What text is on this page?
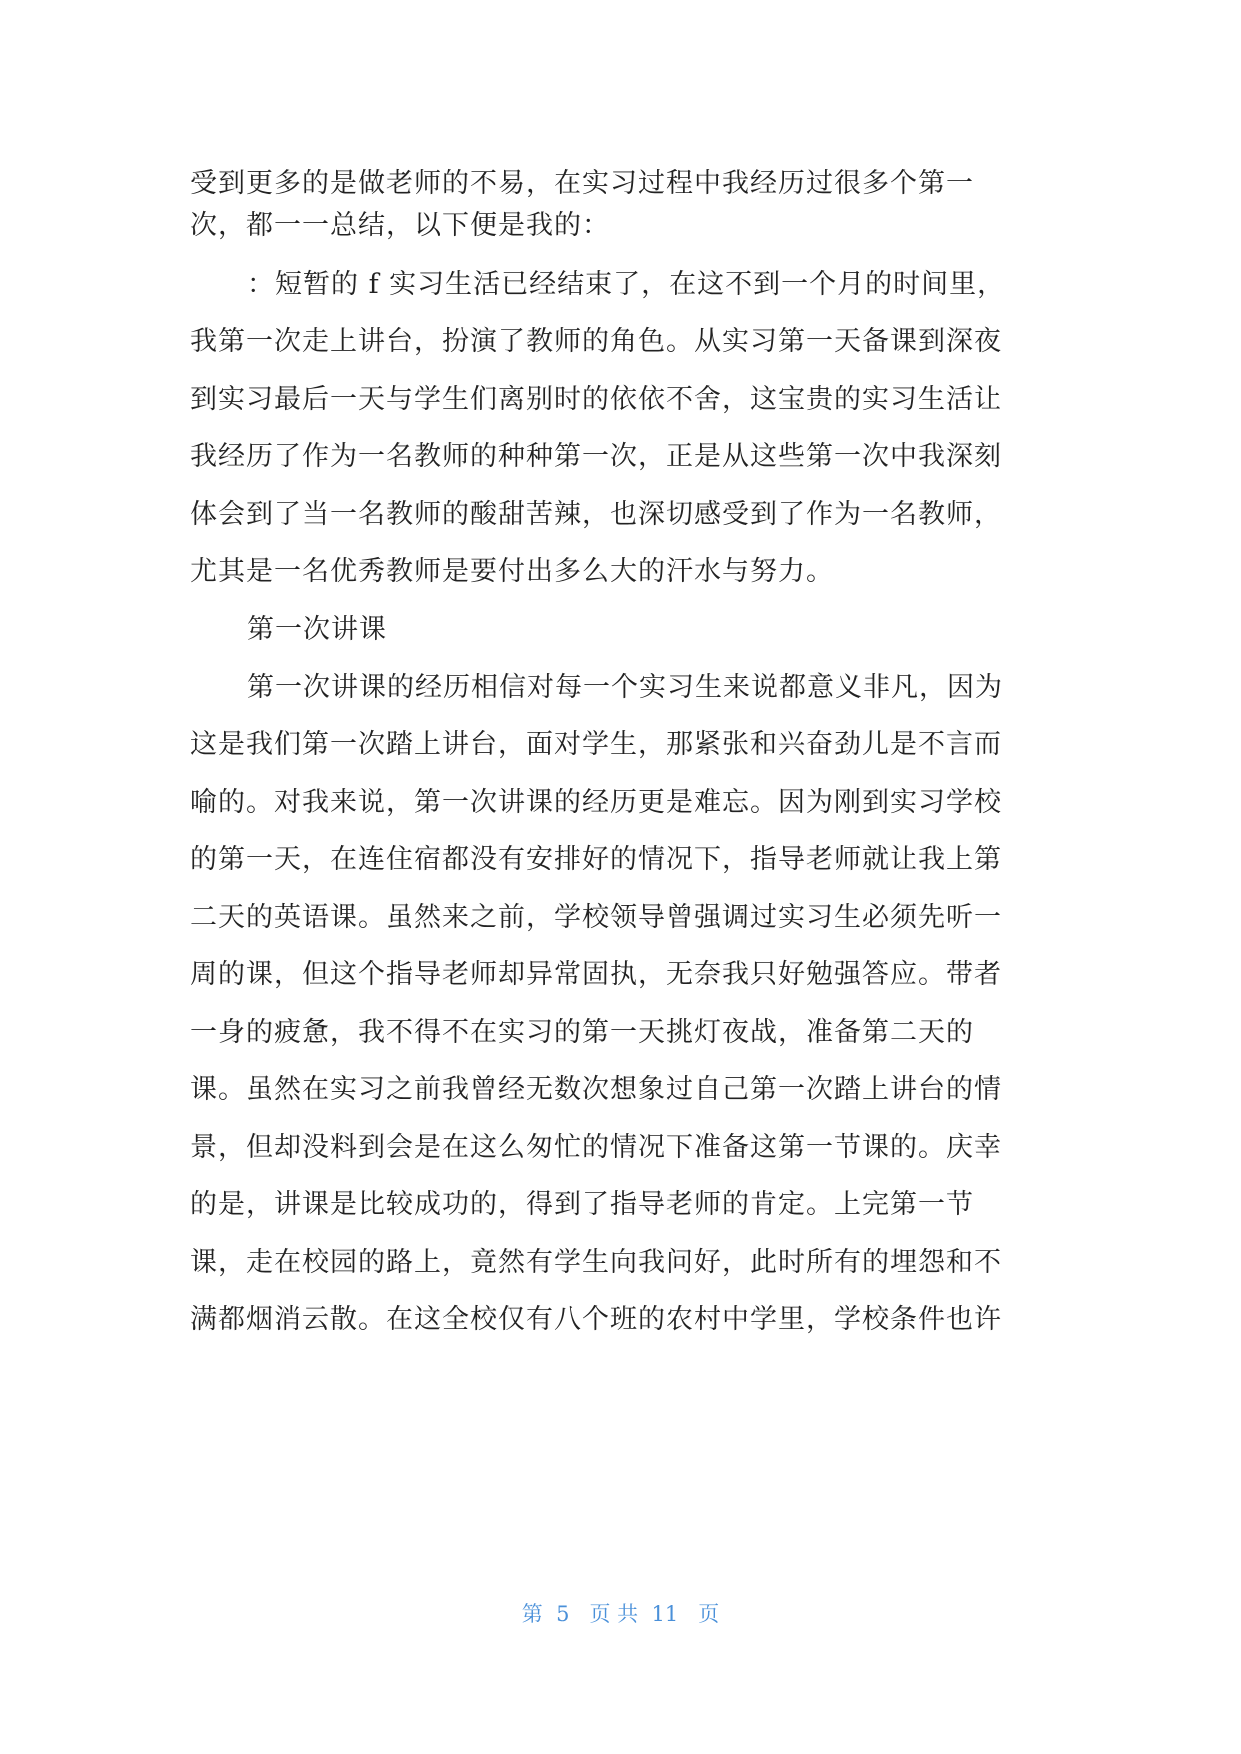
受到更多的是做老师的不易，在实习过程中我经历过很多个第一
次，都一一总结，以下便是我的：
：短暂的 f 实习生活已经结束了，在这不到一个月的时间里，
我第一次走上讲台，扮演了教师的角色。从实习第一天备课到深夜
到实习最后一天与学生们离别时的依依不舍，这宝贵的实习生活让
我经历了作为一名教师的种种第一次，正是从这些第一次中我深刻
体会到了当一名教师的酸甜苦辣，也深切感受到了作为一名教师，
尤其是一名优秀教师是要付出多么大的汗水与努力。
第一次讲课
第一次讲课的经历相信对每一个实习生来说都意义非凡，因为
这是我们第一次踏上讲台，面对学生，那紧张和兴奋劲儿是不言而
喻的。对我来说，第一次讲课的经历更是难忘。因为刚到实习学校
的第一天，在连住宿都没有安排好的情况下，指导老师就让我上第
二天的英语课。虽然来之前，学校领导曾强调过实习生必须先听一
周的课，但这个指导老师却异常固执，无奈我只好勉强答应。带者
一身的疲惫，我不得不在实习的第一天挑灯夜战，准备第二天的
课。虽然在实习之前我曾经无数次想象过自己第一次踏上讲台的情
景，但却没料到会是在这么匆忙的情况下准备这第一节课的。庆幸
的是，讲课是比较成功的，得到了指导老师的肯定。上完第一节
课，走在校园的路上，竟然有学生向我问好，此时所有的埋怨和不
满都烟消云散。在这全校仅有八个班的农村中学里，学校条件也许
第  5   页 共  11   页
